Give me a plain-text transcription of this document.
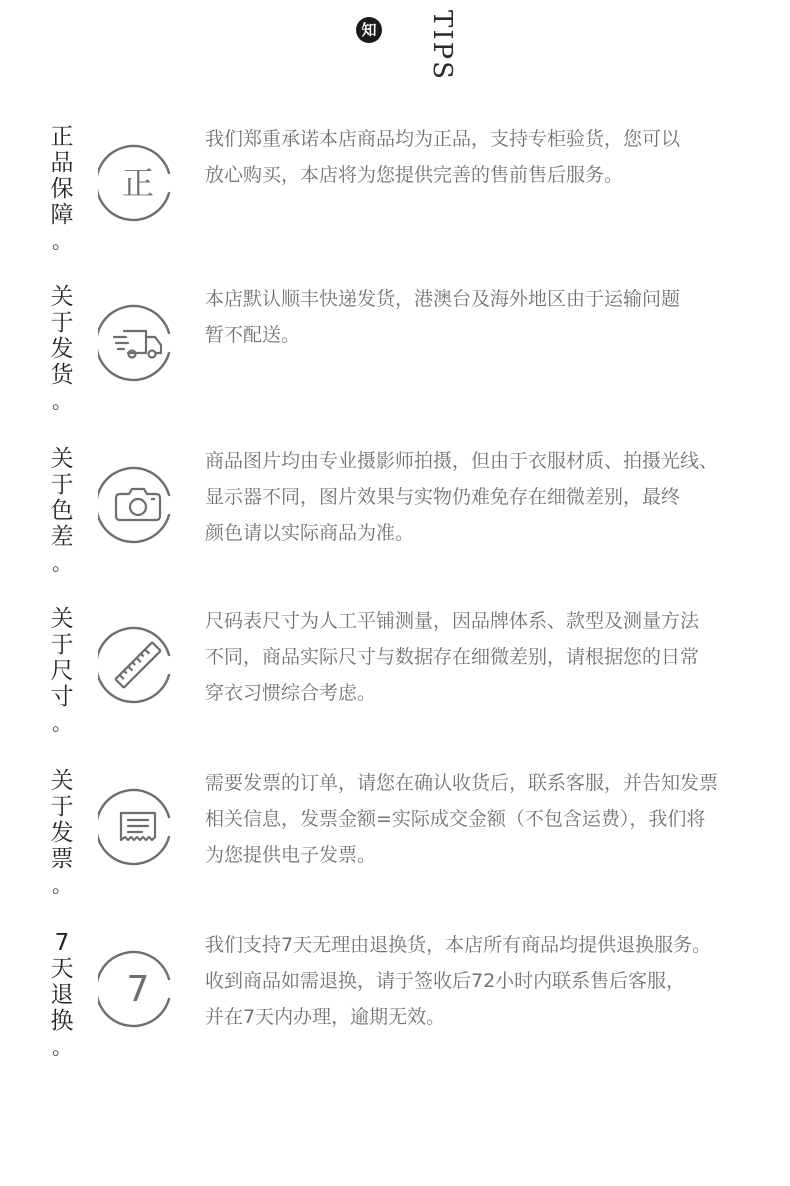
知 TIPS
正
品
保
障
。
正
我们郑重承诺本店商品均为正品，支持专柜验货，您可以
放心购买，本店将为您提供完善的售前售后服务。
关
于
发
货
。
本店默认顺丰快递发货，港澳台及海外地区由于运输问题
暂不配送。
关
于
色
差
。
商品图片均由专业摄影师拍摄，但由于衣服材质、拍摄光线、
显示器不同，图片效果与实物仍难免存在细微差别，最终
颜色请以实际商品为准。
关
于
尺
寸
。
尺码表尺寸为人工平铺测量，因品牌体系、款型及测量方法
不同，商品实际尺寸与数据存在细微差别，请根据您的日常
穿衣习惯综合考虑。
关
于
发
票
。
需要发票的订单，请您在确认收货后，联系客服，并告知发票
相关信息，发票金额=实际成交金额（不包含运费），我们将
为您提供电子发票。
7
天
退
换
。
7
我们支持7天无理由退换货，本店所有商品均提供退换服务。
收到商品如需退换，请于签收后72小时内联系售后客服，
并在7天内办理，逾期无效。
